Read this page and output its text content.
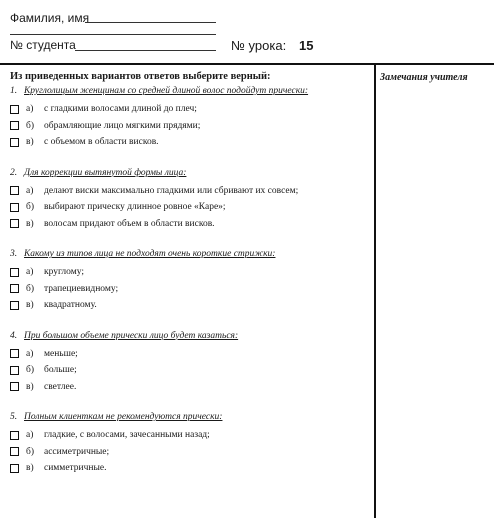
Фамилия, имя
№ студента	№ урока: 15
Замечания учителя
Из приведенных вариантов ответов выберите верный:
1. Круглолицым женщинам со средней длиной волос подойдут прически:
а)	с гладкими волосами длиной до плеч;
б)	обрамляющие лицо мягкими прядями;
в)	с объемом в области висков.
2. Для коррекции вытянутой формы лица:
а)	делают виски максимально гладкими или сбривают их совсем;
б)	выбирают прическу длинное ровное «Каре»;
в)	волосам придают объем в области висков.
3. Какому из типов лица не подходят очень короткие стрижки:
а)	круглому;
б)	трапециевидному;
в)	квадратному.
4. При большом объеме прически лицо будет казаться:
а)	меньше;
б)	больше;
в)	светлее.
5. Полным клиенткам не рекомендуются прически:
а)	гладкие, с волосами, зачесанными назад;
б)	ассиметричные;
в)	симметричные.
